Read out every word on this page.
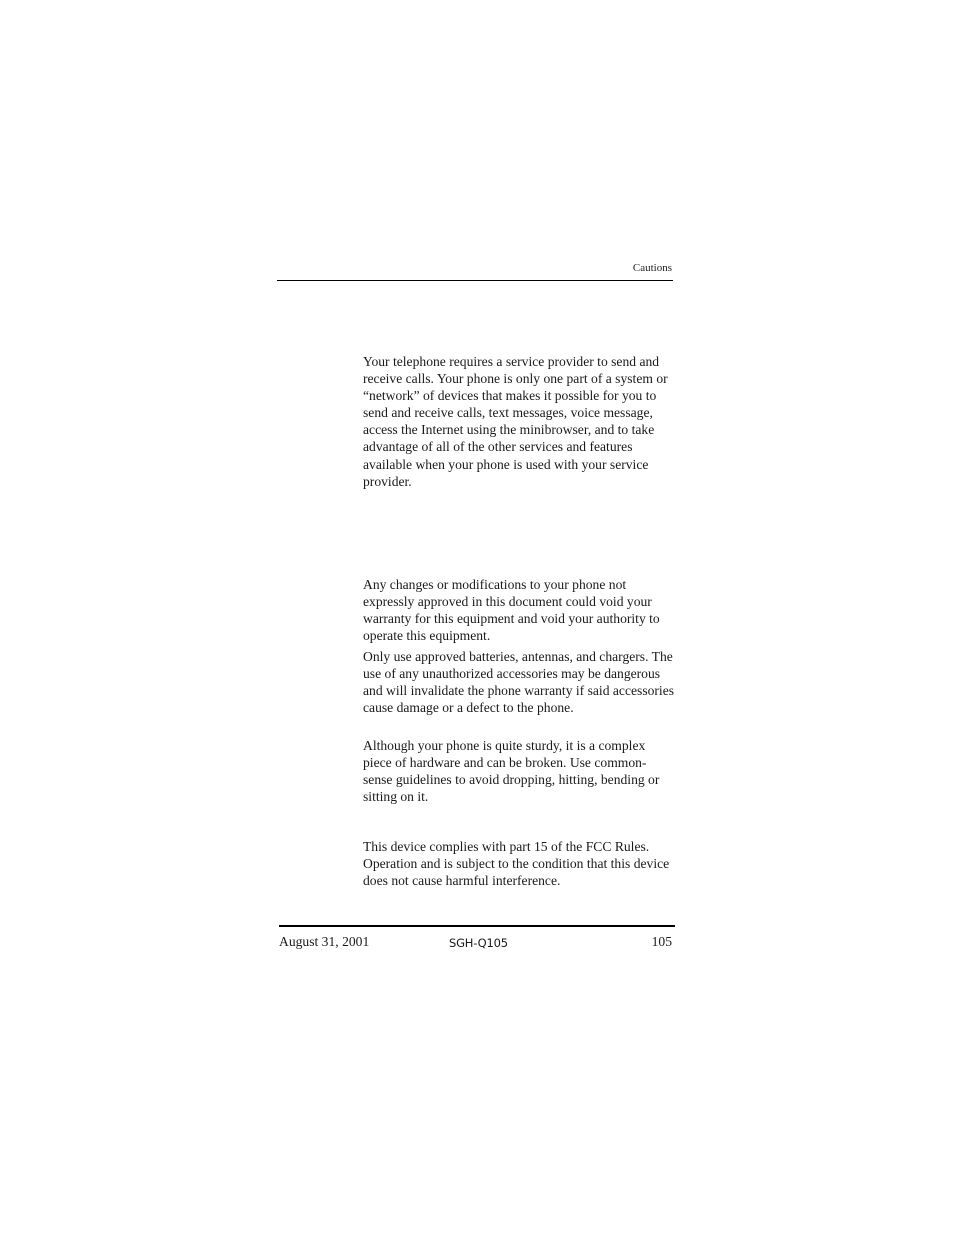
Cautions

Your telephone requires a service provider to send and receive calls. Your phone is only one part of a system or “network” of devices that makes it possible for you to send and receive calls, text messages, voice message, access the Internet using the minibrowser, and to take advantage of all of the other services and features available when your phone is used with your service provider.

Any changes or modifications to your phone not expressly approved in this document could void your warranty for this equipment and void your authority to operate this equipment.

Only use approved batteries, antennas, and chargers. The use of any unauthorized accessories may be dangerous and will invalidate the phone warranty if said accessories cause damage or a defect to the phone.

Although your phone is quite sturdy, it is a complex piece of hardware and can be broken. Use common-sense guidelines to avoid dropping, hitting, bending or sitting on it.

This device complies with part 15 of the FCC Rules. Operation and is subject to the condition that this device does not cause harmful interference.

August 31, 2001	SGH-Q105	105
